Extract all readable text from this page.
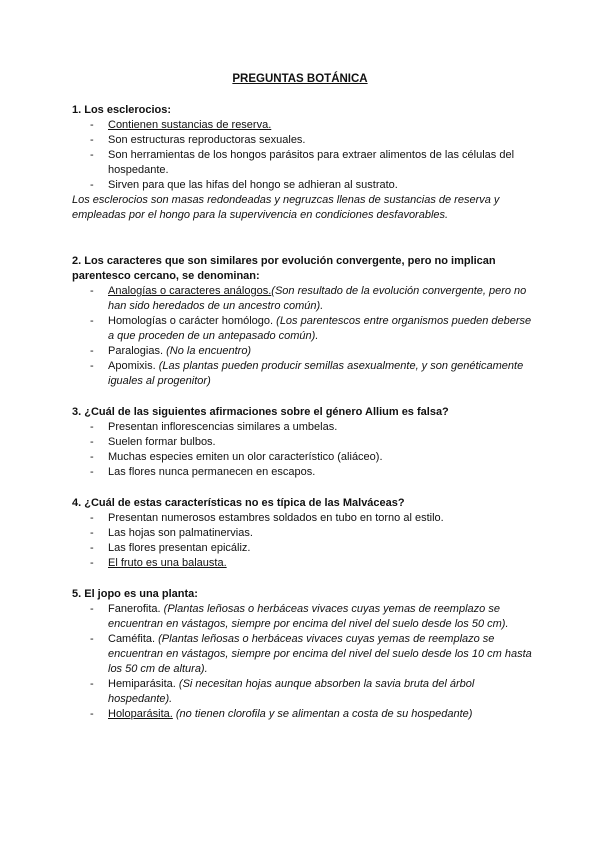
PREGUNTAS BOTÁNICA
1. Los esclerocios:
- Contienen sustancias de reserva.
- Son estructuras reproductoras sexuales.
- Son herramientas de los hongos parásitos para extraer alimentos de las células del hospedante.
- Sirven para que las hifas del hongo se adhieran al sustrato.
Los esclerocios son masas redondeadas y negruzcas llenas de sustancias de reserva y empleadas por el hongo para la supervivencia en condiciones desfavorables.
2. Los caracteres que son similares por evolución convergente, pero no implican parentesco cercano, se denominan:
- Analogías o caracteres análogos.(Son resultado de la evolución convergente, pero no han sido heredados de un ancestro común).
- Homologías o carácter homólogo. (Los parentescos entre organismos pueden deberse a que proceden de un antepasado común).
- Paralogias. (No la encuentro)
- Apomixis. (Las plantas pueden producir semillas asexualmente, y son genéticamente iguales al progenitor)
3. ¿Cuál de las siguientes afirmaciones sobre el género Allium es falsa?
- Presentan inflorescencias similares a umbelas.
- Suelen formar bulbos.
- Muchas especies emiten un olor característico (aliáceo).
- Las flores nunca permanecen en escapos.
4. ¿Cuál de estas características no es típica de las Malváceas?
- Presentan numerosos estambres soldados en tubo en torno al estilo.
- Las hojas son palmatinervias.
- Las flores presentan epicáliz.
- El fruto es una balausta.
5. El jopo es una planta:
- Fanerofita. (Plantas leñosas o herbáceas vivaces cuyas yemas de reemplazo se encuentran en vástagos, siempre por encima del nivel del suelo desde los 50 cm).
- Caméfita. (Plantas leñosas o herbáceas vivaces cuyas yemas de reemplazo se encuentran en vástagos, siempre por encima del nivel del suelo desde los 10 cm hasta los 50 cm de altura).
- Hemiparásita. (Si necesitan hojas aunque absorben la savia bruta del árbol hospedante).
- Holoparásita. (no tienen clorofila y se alimentan a costa de su hospedante)
